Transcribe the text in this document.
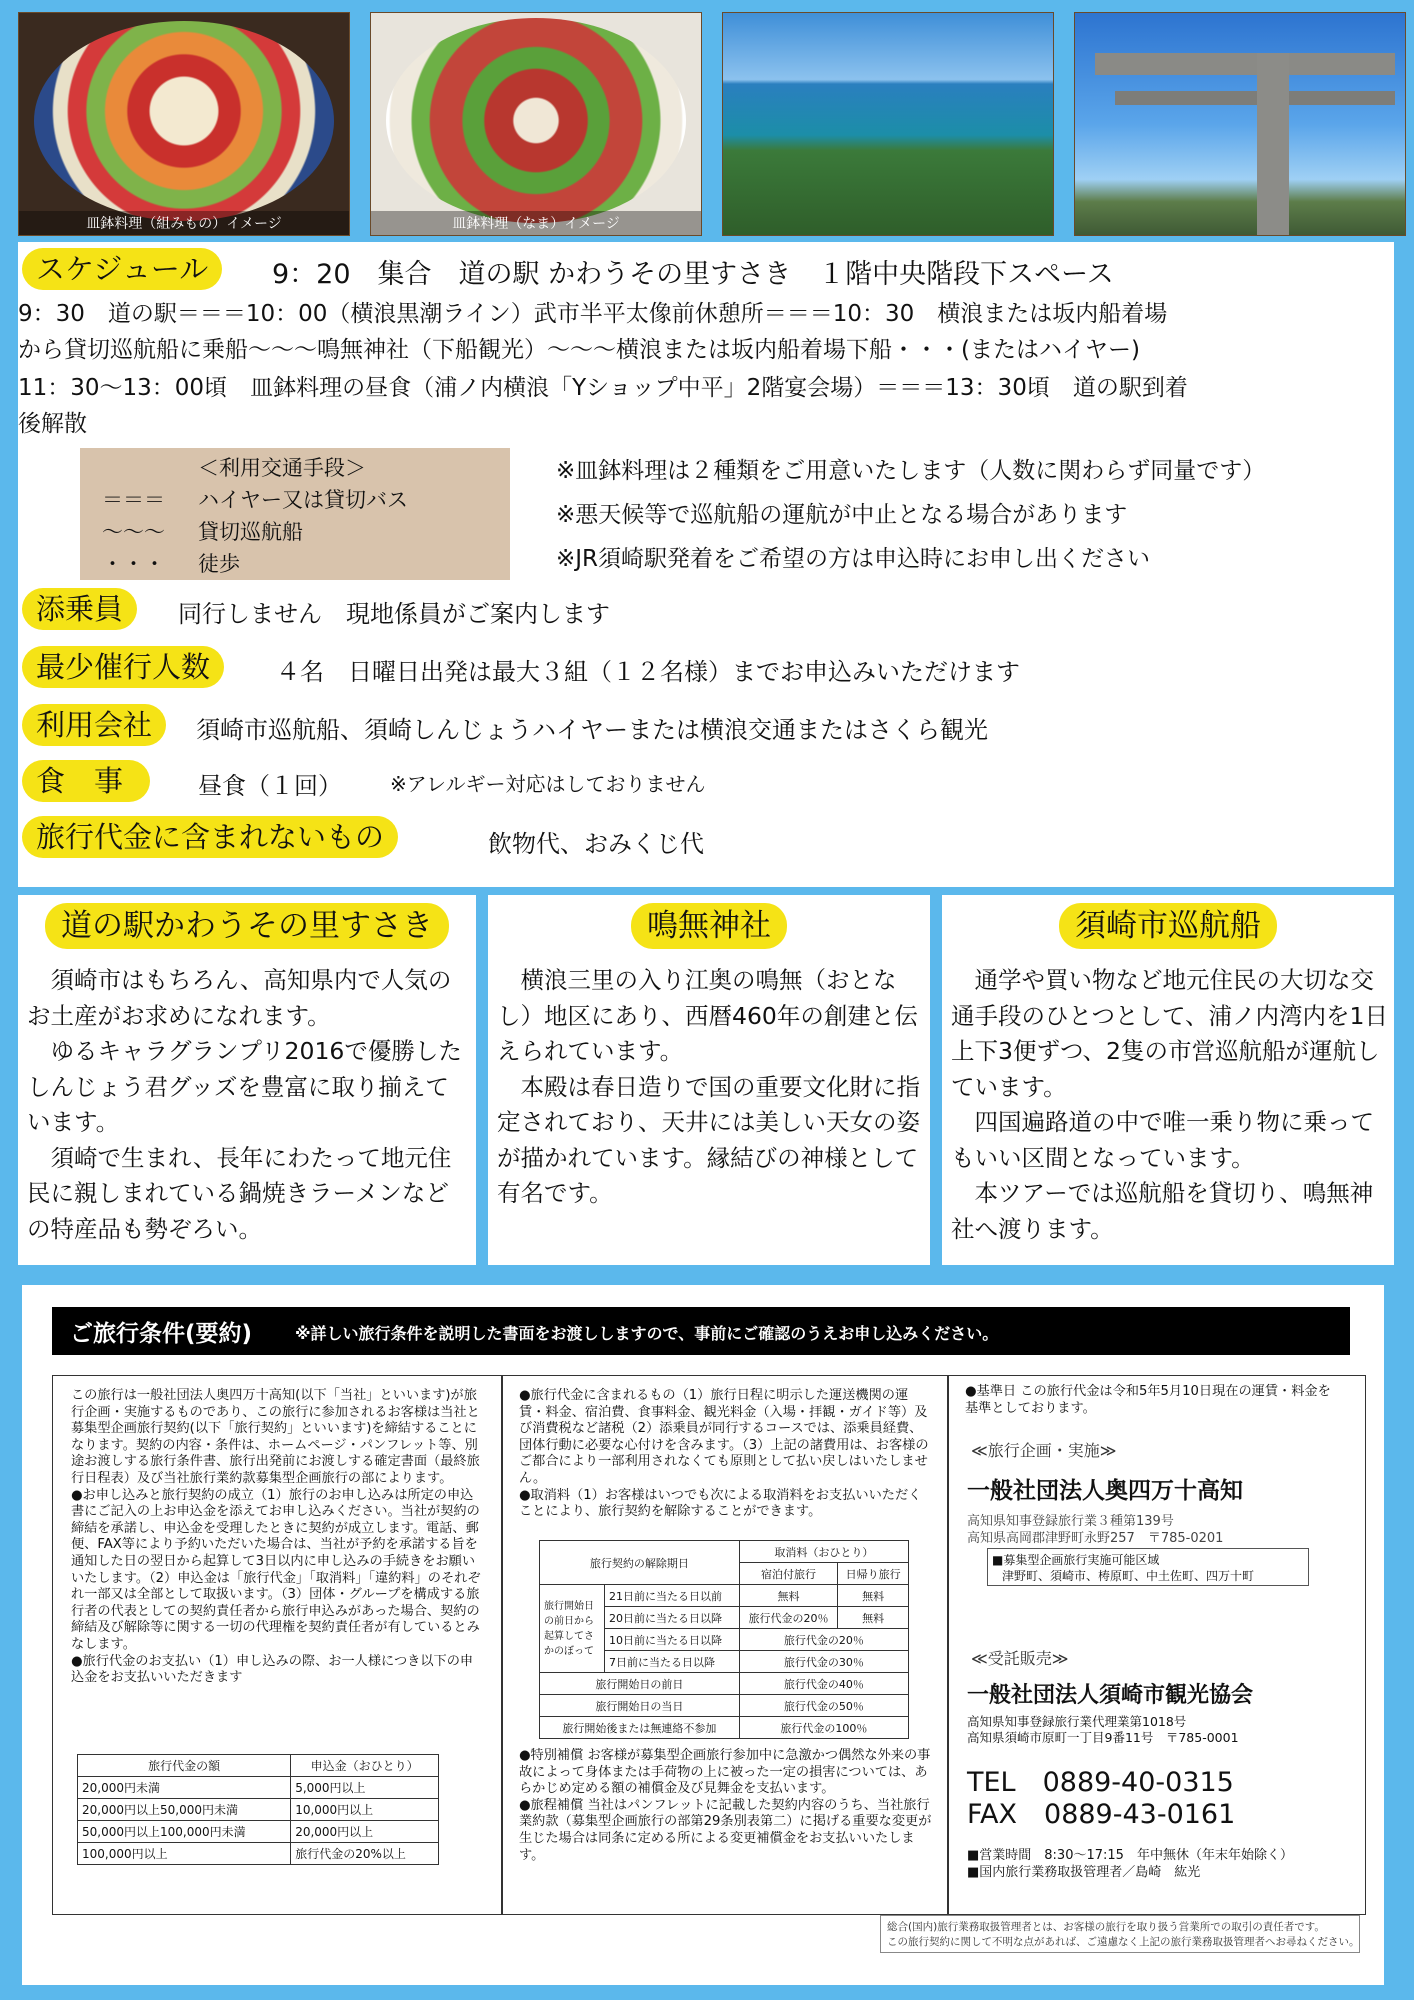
皿鉢料理（組みもの）イメージ	皿鉢料理（なま）イメージ
スケジュール	9：20　集合　道の駅 かわうその里すさき　１階中央階段下スペース
9：30　道の駅＝＝＝10：00（横浪黒潮ライン）武市半平太像前休憩所＝＝＝10：30　横浪または坂内船着場
から貸切巡航船に乗船〜〜〜鳴無神社（下船観光）〜〜〜横浪または坂内船着場下船・・・(またはハイヤー)
11：30〜13：00頃　皿鉢料理の昼食（浦ノ内横浪「Yショップ中平」2階宴会場）＝＝＝13：30頃　道の駅到着
後解散
＜利用交通手段＞
＝＝＝ ハイヤー又は貸切バス
〜〜〜 貸切巡航船
・・・ 徒歩
※皿鉢料理は２種類をご用意いたします（人数に関わらず同量です）
※悪天候等で巡航船の運航が中止となる場合があります
※JR須崎駅発着をご希望の方は申込時にお申し出ください
添乗員	同行しません　現地係員がご案内します
最少催行人数	４名　日曜日出発は最大３組（１２名様）までお申込みいただけます
利用会社	須崎市巡航船、須崎しんじょうハイヤーまたは横浪交通またはさくら観光
食　事	昼食（１回） ※アレルギー対応はしておりません
旅行代金に含まれないもの	飲物代、おみくじ代
道の駅かわうその里すさき

須崎市はもちろん、高知県内で人気のお土産がお求めになれます。

ゆるキャラグランプリ2016で優勝したしんじょう君グッズを豊富に取り揃えています。

須崎で生まれ、長年にわたって地元住民に親しまれている鍋焼きラーメンなどの特産品も勢ぞろい。

鳴無神社

横浪三里の入り江奥の鳴無（おとなし）地区にあり、西暦460年の創建と伝えられています。

本殿は春日造りで国の重要文化財に指定されており、天井には美しい天女の姿が描かれています。縁結びの神様として有名です。

須崎市巡航船

通学や買い物など地元住民の大切な交通手段のひとつとして、浦ノ内湾内を1日上下3便ずつ、2隻の市営巡航船が運航しています。

四国遍路道の中で唯一乗り物に乗ってもいい区間となっています。

本ツアーでは巡航船を貸切り、鳴無神社へ渡ります。

ご旅行条件(要約)	※詳しい旅行条件を説明した書面をお渡ししますので、事前にご確認のうえお申し込みください。

この旅行は一般社団法人奥四万十高知(以下「当社」といいます)が旅行企画・実施するものであり、この旅行に参加されるお客様は当社と募集型企画旅行契約(以下「旅行契約」といいます)を締結することになります。契約の内容・条件は、ホームページ・パンフレット等、別途お渡しする旅行条件書、旅行出発前にお渡しする確定書面（最終旅行日程表）及び当社旅行業約款募集型企画旅行の部によります。

●お申し込みと旅行契約の成立（1）旅行のお申し込みは所定の申込書にご記入の上お申込金を添えてお申し込みください。当社が契約の締結を承諾し、申込金を受理したときに契約が成立します。電話、郵便、FAX等により予約いただいた場合は、当社が予約を承諾する旨を通知した日の翌日から起算して3日以内に申し込みの手続きをお願いいたします。（2）申込金は「旅行代金」「取消料」「違約料」のそれぞれ一部又は全部として取扱います。（3）団体・グループを構成する旅行者の代表としての契約責任者から旅行申込みがあった場合、契約の締結及び解除等に関する一切の代理権を契約責任者が有しているとみなします。

●旅行代金のお支払い（1）申し込みの際、お一人様につき以下の申込金をお支払いいただきます

旅行代金の額	申込金（おひとり）
20,000円未満	5,000円以上
20,000円以上50,000円未満	10,000円以上
50,000円以上100,000円未満	20,000円以上
100,000円以上	旅行代金の20%以上

●旅行代金に含まれるもの（1）旅行日程に明示した運送機関の運賃・料金、宿泊費、食事料金、観光料金（入場・拝観・ガイド等）及び消費税など諸税（2）添乗員が同行するコースでは、添乗員経費、団体行動に必要な心付けを含みます。（3）上記の諸費用は、お客様のご都合により一部利用されなくても原則として払い戻しはいたしません。

●取消料（1）お客様はいつでも次による取消料をお支払いいただくことにより、旅行契約を解除することができます。

旅行契約の解除期日		取消料（おひとり）	
		宿泊付旅行	日帰り旅行
旅行開始日の前日から起算してさかのぼって	21日前に当たる日以前	無料	無料
	20日前に当たる日以降	旅行代金の20％	無料
	10日前に当たる日以降	旅行代金の20％	
	7日前に当たる日以降	旅行代金の30％	
旅行開始日の前日		旅行代金の40％	
旅行開始日の当日		旅行代金の50％	
旅行開始後または無連絡不参加		旅行代金の100％	

●特別補償 お客様が募集型企画旅行参加中に急激かつ偶然な外来の事故によって身体または手荷物の上に被った一定の損害については、あらかじめ定める額の補償金及び見舞金を支払います。

●旅程補償 当社はパンフレットに記載した契約内容のうち、当社旅行業約款（募集型企画旅行の部第29条別表第二）に掲げる重要な変更が生じた場合は同条に定める所による変更補償金をお支払いいたします。

●基準日 この旅行代金は令和5年5月10日現在の運賃・料金を基準としております。
≪旅行企画・実施≫
一般社団法人奥四万十高知
高知県知事登録旅行業３種第139号
高知県高岡郡津野町永野257　〒785-0201
■募集型企画旅行実施可能区域
津野町、須崎市、梼原町、中土佐町、四万十町
≪受託販売≫
一般社団法人須崎市観光協会
高知県知事登録旅行業代理業第1018号
高知県須崎市原町一丁目9番11号　〒785-0001
TEL　0889-40-0315
FAX　0889-43-0161
■営業時間　8:30〜17:15　年中無休（年末年始除く）
■国内旅行業務取扱管理者／島崎　紘光
総合(国内)旅行業務取扱管理者とは、お客様の旅行を取り扱う営業所での取引の責任者です。
この旅行契約に関して不明な点があれば、ご遠慮なく上記の旅行業務取扱管理者へお尋ねください。
